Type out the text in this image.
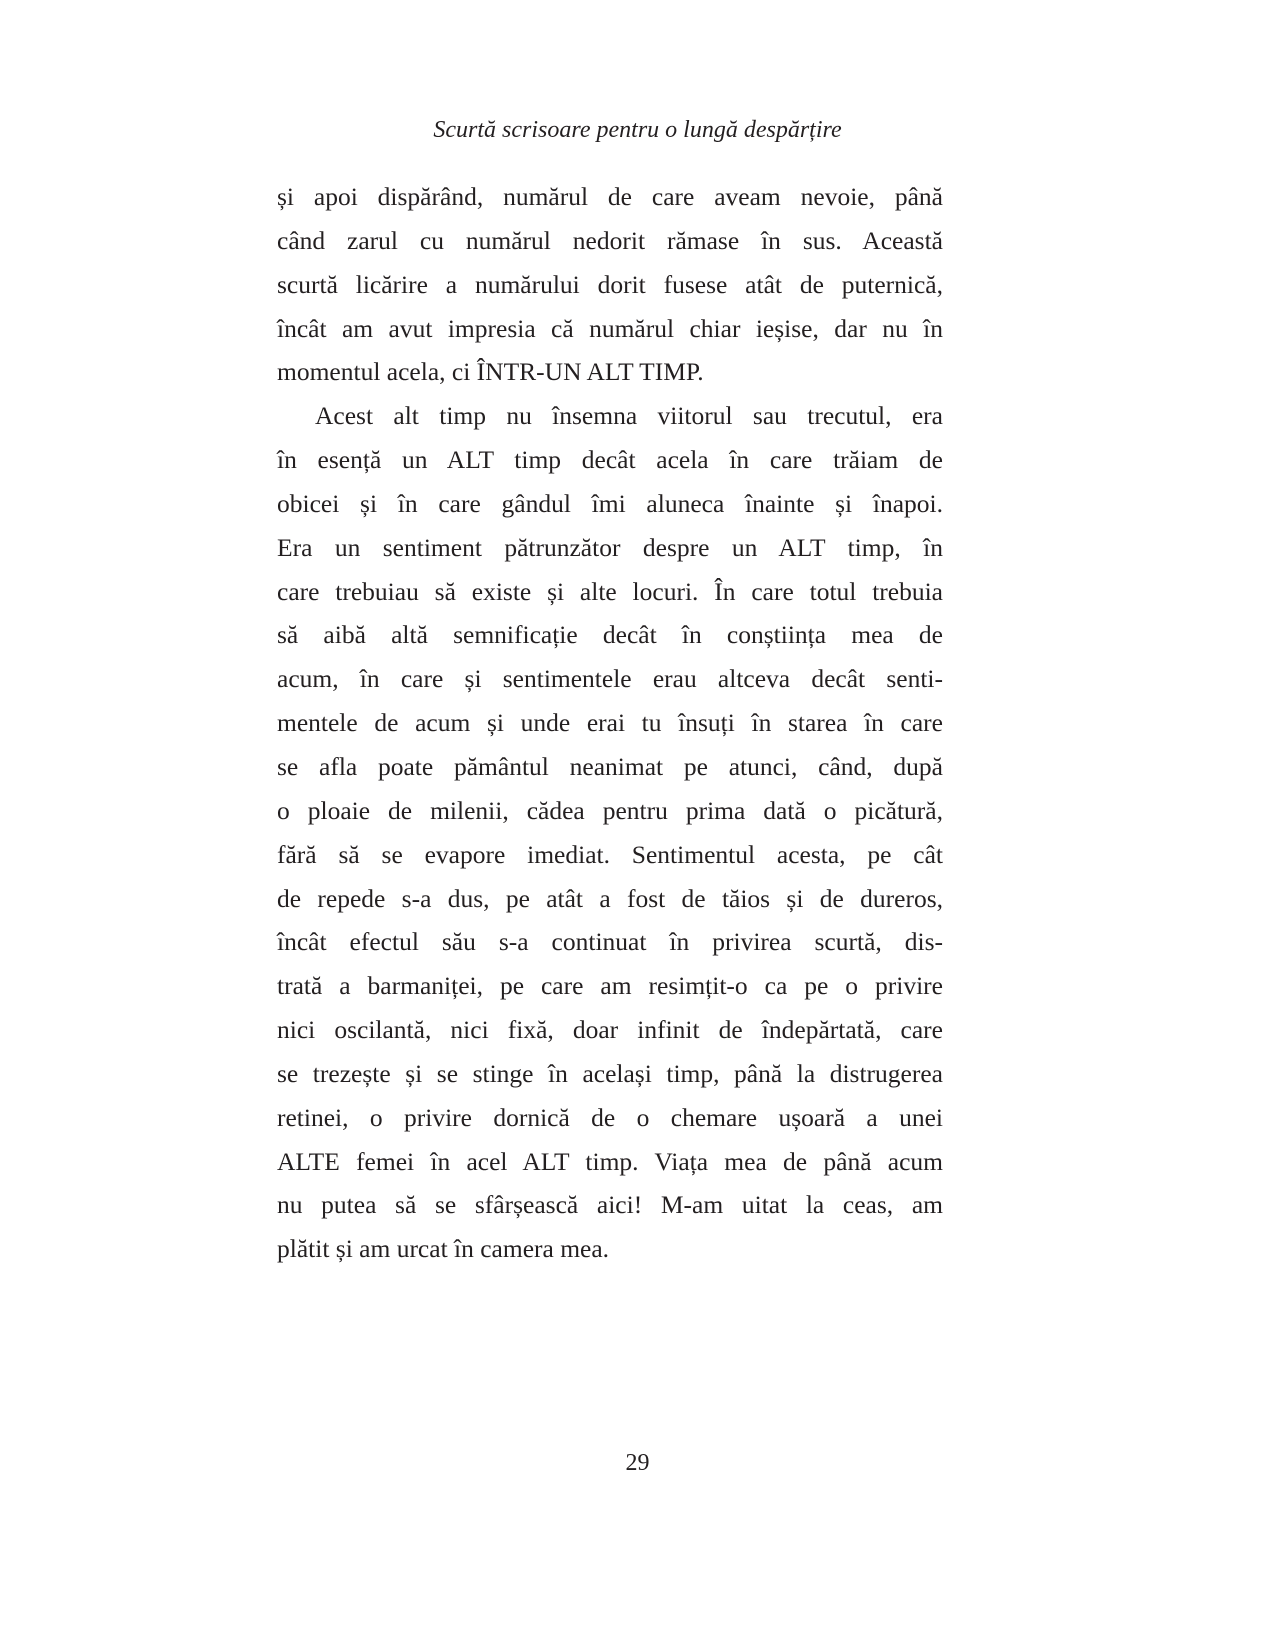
Scurtă scrisoare pentru o lungă despărțire
și apoi dispărând, numărul de care aveam nevoie, până
când zarul cu numărul nedorit rămase în sus. Această
scurtă licărire a numărului dorit fusese atât de puternică,
încât am avut impresia că numărul chiar ieșise, dar nu în
momentul acela, ci ÎNTR-UN ALT TIMP.
Acest alt timp nu însemna viitorul sau trecutul, era
în esență un ALT timp decât acela în care trăiam de
obicei și în care gândul îmi aluneca înainte și înapoi.
Era un sentiment pătrunzător despre un ALT timp, în
care trebuiau să existe și alte locuri. În care totul trebuia
să aibă altă semnificație decât în conștiința mea de
acum, în care și sentimentele erau altceva decât senti-
mentele de acum și unde erai tu însuți în starea în care
se afla poate pământul neanimat pe atunci, când, după
o ploaie de milenii, cădea pentru prima dată o picătură,
fără să se evapore imediat. Sentimentul acesta, pe cât
de repede s-a dus, pe atât a fost de tăios și de dureros,
încât efectul său s-a continuat în privirea scurtă, dis-
trată a barmaniței, pe care am resimțit-o ca pe o privire
nici oscilantă, nici fixă, doar infinit de îndepărtată, care
se trezește și se stinge în același timp, până la distrugerea
retinei, o privire dornică de o chemare ușoară a unei
ALTE femei în acel ALT timp. Viața mea de până acum
nu putea să se sfârșească aici! M-am uitat la ceas, am
plătit și am urcat în camera mea.
29
